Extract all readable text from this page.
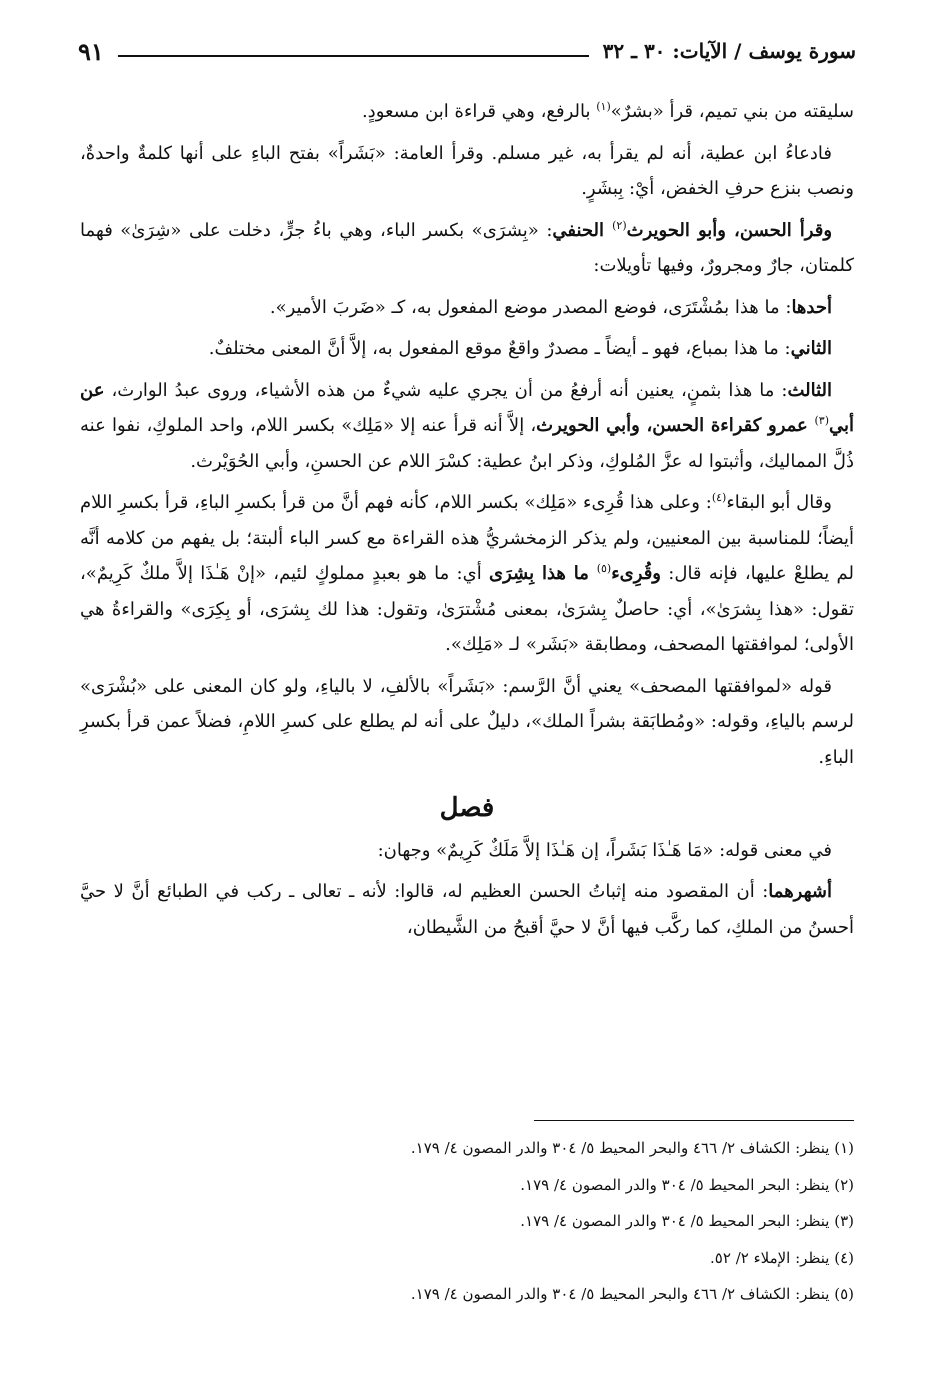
سورة يوسف / الآيات: ٣٠ ـ ٣٢
٩١

سليقته من بني تميم، قرأ «بشرٌ»$^{(١)}$ بالرفع، وهي قراءة ابن مسعودٍ.

فادعاءُ ابن عطية، أنه لم يقرأ به، غير مسلم. وقرأ العامة: «بَشَراً» بفتح الباءِ على أنها كلمةٌ واحدةٌ، ونصب بنزع حرفِ الخفض، أيْ: بِبشَرٍ.

وقرأ الحسن، وأبو الحويرث$^{(٢)}$ الحنفي: «بِشرَى» بكسر الباء، وهي باءُ جرٍّ، دخلت على «شِرَىٰ» فهما كلمتان، جارٌ ومجرورٌ، وفيها تأويلات:

أحدها: ما هذا بمُشْتَرَى، فوضع المصدر موضع المفعول به، كـ «ضَربَ الأمير».

الثاني: ما هذا بمباع، فهو ـ أيضاً ـ مصدرٌ واقعٌ موقع المفعول به، إلاَّ أنَّ المعنى مختلفٌ.

الثالث: ما هذا بثمنٍ، يعنين أنه أرفعُ من أن يجري عليه شيءٌ من هذه الأشياء، وروى عبدُ الوارث، عن أبي$^{(٣)}$ عمرو كقراءة الحسن، وأبي الحويرث، إلاَّ أنه قرأ عنه إلا «مَلِك» بكسر اللام، واحد الملوكِ، نفوا عنه ذُلَّ المماليك، وأثبتوا له عزَّ المُلوكِ، وذكر ابنُ عطية: كسْرَ اللام عن الحسنِ، وأبي الحُوَيْرث.

وقال أبو البقاء$^{(٤)}$: وعلى هذا قُرِىء «مَلِك» بكسر اللام، كأنه فهم أنَّ من قرأ بكسرِ الباءِ، قرأ بكسرِ اللام أيضاً؛ للمناسبة بين المعنيين، ولم يذكر الزمخشريُّ هذه القراءة مع كسر الباء ألبتة؛ بل يفهم من كلامه أنَّه لم يطلعْ عليها، فإنه قال: وقُرِىء$^{(٥)}$ ما هذا بِشِرَى أي: ما هو بعبدٍ مملوكٍ لئيم، «إنْ هَـٰذَا إلاَّ ملكٌ كَرِيمٌ»، تقول: «هذا بِشرَىٰ»، أي: حاصلٌ بِشرَىٰ، بمعنى مُشْترَىٰ، وتقول: هذا لك بِشرَى، أو بِكِرَى» والقراءةُ هي الأولى؛ لموافقتها المصحف، ومطابقة «بَشَر» لـ «مَلِك».

قوله «لموافقتها المصحف» يعني أنَّ الرَّسم: «بَشَراً» بالألفِ، لا بالياءِ، ولو كان المعنى على «بُشْرَى» لرسم بالياءِ، وقوله: «ومُطابَقة بشراً الملك»، دليلٌ على أنه لم يطلع على كسرِ اللامِ، فضلاً عمن قرأ بكسرِ الباءِ.

فصل

في معنى قوله: «مَا هَـٰذَا بَشَراً، إن هَـٰذَا إلاَّ مَلَكٌ كَرِيمٌ» وجهان:

أشهرهما: أن المقصود منه إثباتُ الحسن العظيم له، قالوا: لأنه ـ تعالى ـ ركب في الطبائع أنَّ لا حيَّ أحسنُ من الملكِ، كما ركَّب فيها أنَّ لا حيَّ أقبحُ من الشَّيطان،

(١) ينظر: الكشاف ٢/ ٤٦٦ والبحر المحيط ٥/ ٣٠٤ والدر المصون ٤/ ١٧٩.
(٢) ينظر: البحر المحيط ٥/ ٣٠٤ والدر المصون ٤/ ١٧٩.
(٣) ينظر: البحر المحيط ٥/ ٣٠٤ والدر المصون ٤/ ١٧٩.
(٤) ينظر: الإملاء ٢/ ٥٢.
(٥) ينظر: الكشاف ٢/ ٤٦٦ والبحر المحيط ٥/ ٣٠٤ والدر المصون ٤/ ١٧٩.
